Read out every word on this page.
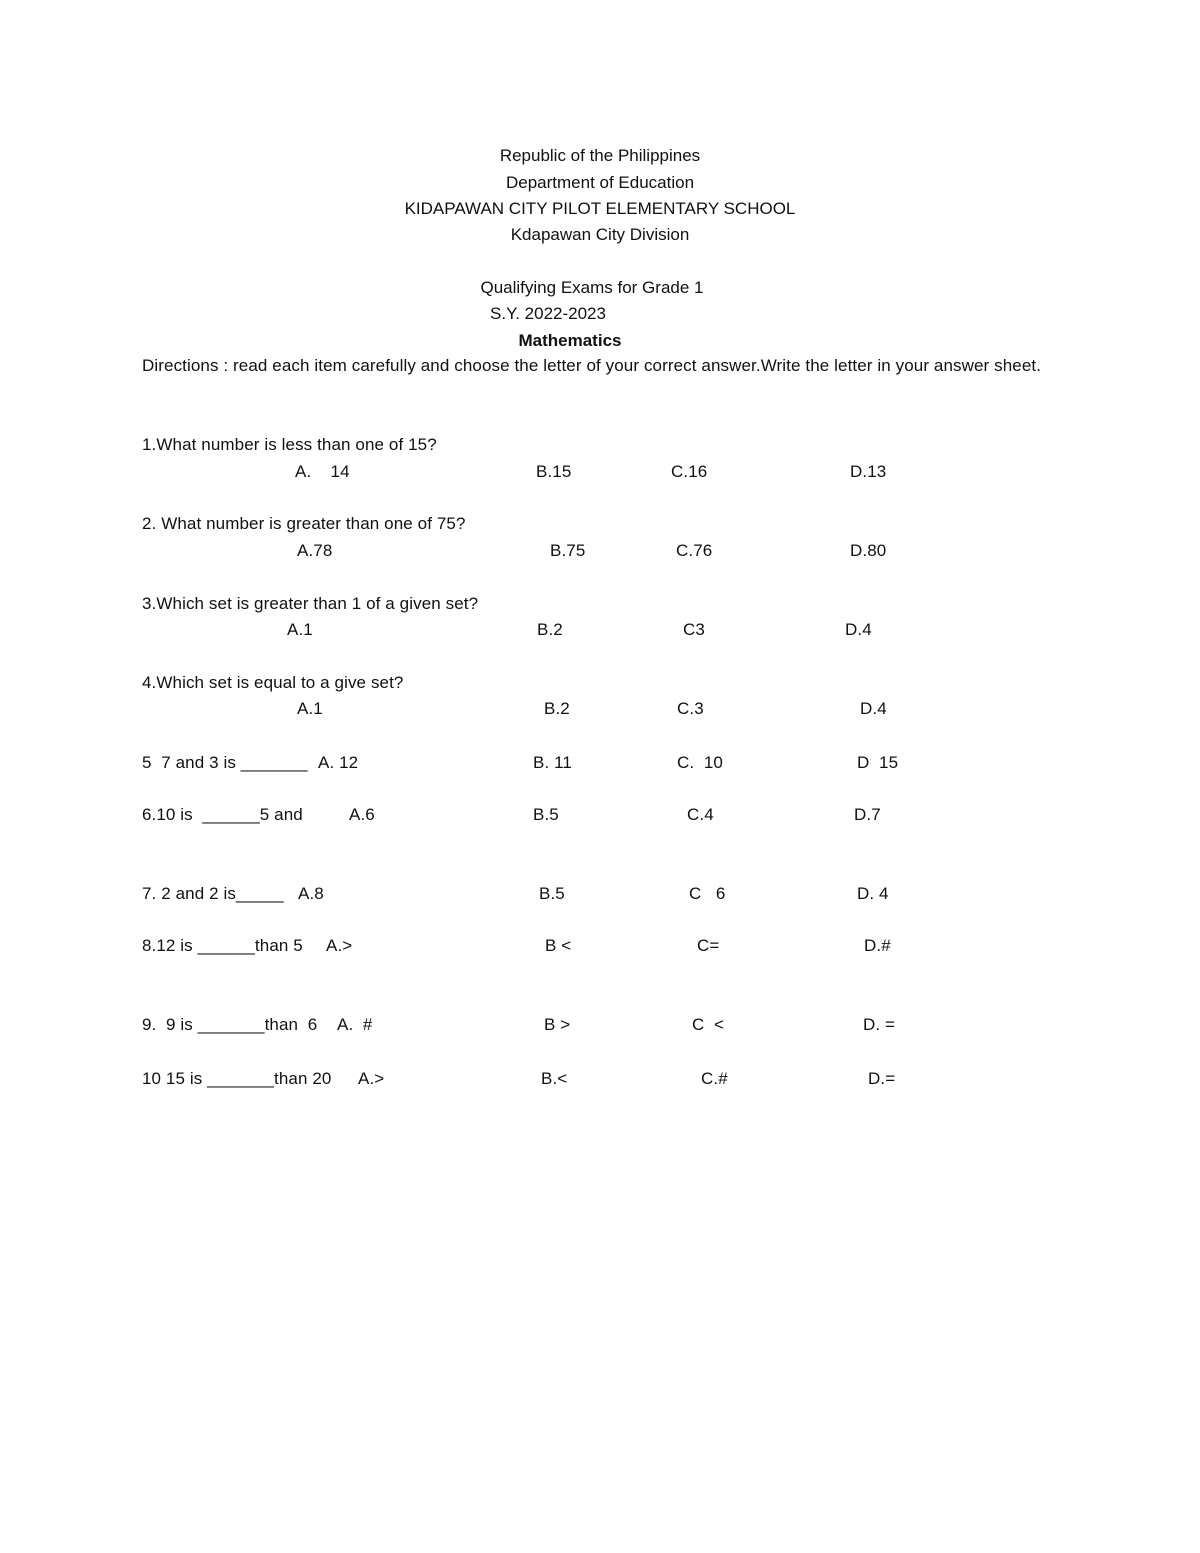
Republic of the Philippines
Department of Education
KIDAPAWAN CITY PILOT ELEMENTARY SCHOOL
Kdapawan City Division
Qualifying Exams for Grade 1
S.Y. 2022-2023
Mathematics
Directions : read each item carefully and choose the letter of your correct answer.Write the letter in your answer sheet.
1.What number is less than one of 15?
A.    14	B.15	C.16	D.13
2. What number is greater than one of 75?
A.78	B.75	C.76	D.80
3.Which set is greater than 1 of a given set?
A.1	B.2	C3	D.4
4.Which set is equal to a give set?
A.1	B.2	C.3	D.4
5  7 and 3 is _______ A. 12	B. 11	C.  10	D  15
6.10 is  ______5 and	A.6	B.5	C.4	D.7
7. 2 and 2 is_____ A.8	B.5	C   6	D. 4
8.12 is ______than 5 A.>	B <	C=	D.#
9.  9 is _______than  6 A.  #	B >	C  <	D. =
10 15 is _______than 20 A.>	B.<	C.#	D.=
